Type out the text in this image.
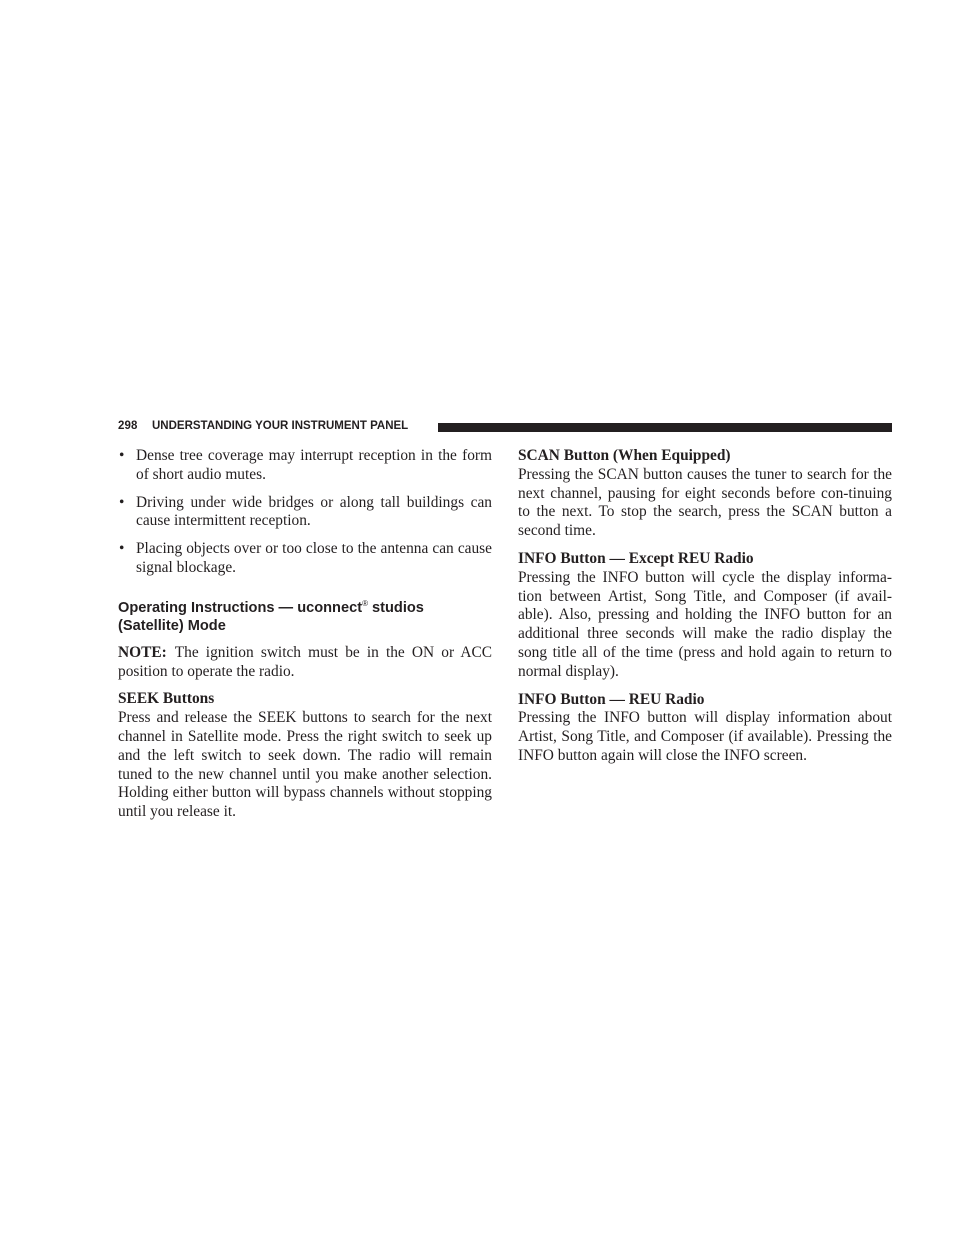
298 UNDERSTANDING YOUR INSTRUMENT PANEL
• Dense tree coverage may interrupt reception in the form of short audio mutes.
• Driving under wide bridges or along tall buildings can cause intermittent reception.
• Placing objects over or too close to the antenna can cause signal blockage.
Operating Instructions — uconnect® studios
(Satellite) Mode

NOTE: The ignition switch must be in the ON or ACC position to operate the radio.

SEEK Buttons

Press and release the SEEK buttons to search for the next channel in Satellite mode. Press the right switch to seek up and the left switch to seek down. The radio will remain tuned to the new channel until you make another selection. Holding either button will bypass channels without stopping until you release it.

SCAN Button (When Equipped)

Pressing the SCAN button causes the tuner to search for the next channel, pausing for eight seconds before con-tinuing to the next. To stop the search, press the SCAN button a second time.

INFO Button — Except REU Radio

Pressing the INFO button will cycle the display informa-tion between Artist, Song Title, and Composer (if avail-able). Also, pressing and holding the INFO button for an additional three seconds will make the radio display the song title all of the time (press and hold again to return to normal display).

INFO Button — REU Radio

Pressing the INFO button will display information about Artist, Song Title, and Composer (if available). Pressing the INFO button again will close the INFO screen.
